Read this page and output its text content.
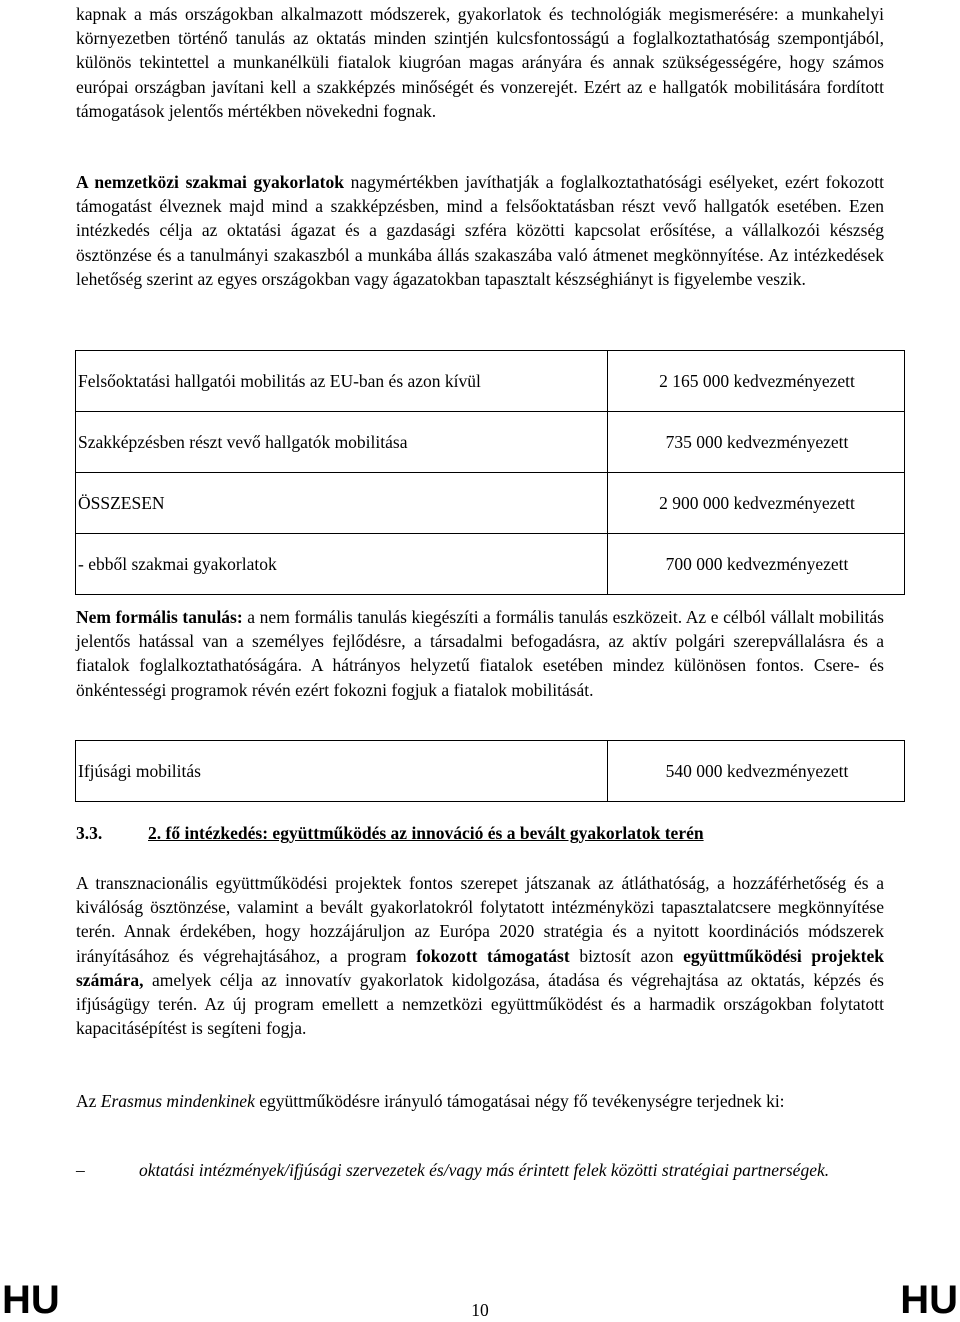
kapnak a más országokban alkalmazott módszerek, gyakorlatok és technológiák megismerésére: a munkahelyi környezetben történő tanulás az oktatás minden szintjén kulcsfontosságú a foglalkoztathatóság szempontjából, különös tekintettel a munkanélküli fiatalok kiugróan magas arányára és annak szükségességére, hogy számos európai országban javítani kell a szakképzés minőségét és vonzerejét. Ezért az e hallgatók mobilitására fordított támogatások jelentős mértékben növekedni fognak.
A nemzetközi szakmai gyakorlatok nagymértékben javíthatják a foglalkoztathatósági esélyeket, ezért fokozott támogatást élveznek majd mind a szakképzésben, mind a felsőoktatásban részt vevő hallgatók esetében. Ezen intézkedés célja az oktatási ágazat és a gazdasági szféra közötti kapcsolat erősítése, a vállalkozói készség ösztönzése és a tanulmányi szakaszból a munkába állás szakaszába való átmenet megkönnyítése. Az intézkedések lehetőség szerint az egyes országokban vagy ágazatokban tapasztalt készséghiányt is figyelembe veszik.
Felsőoktatási hallgatói mobilitás az EU-ban és azon kívül	2 165 000 kedvezményezett
Szakképzésben részt vevő hallgatók mobilitása	735 000 kedvezményezett
ÖSSZESEN	2 900 000 kedvezményezett
- ebből szakmai gyakorlatok	700 000 kedvezményezett
Nem formális tanulás: a nem formális tanulás kiegészíti a formális tanulás eszközeit. Az e célból vállalt mobilitás jelentős hatással van a személyes fejlődésre, a társadalmi befogadásra, az aktív polgári szerepvállalásra és a fiatalok foglalkoztathatóságára. A hátrányos helyzetű fiatalok esetében mindez különösen fontos. Csere- és önkéntességi programok révén ezért fokozni fogjuk a fiatalok mobilitását.
Ifjúsági mobilitás	540 000 kedvezményezett
3.3.	2. fő intézkedés: együttműködés az innováció és a bevált gyakorlatok terén
A transznacionális együttműködési projektek fontos szerepet játszanak az átláthatóság, a hozzáférhetőség és a kiválóság ösztönzése, valamint a bevált gyakorlatokról folytatott intézményközi tapasztalatcsere megkönnyítése terén. Annak érdekében, hogy hozzájáruljon az Európa 2020 stratégia és a nyitott koordinációs módszerek irányításához és végrehajtásához, a program fokozott támogatást biztosít azon együttműködési projektek számára, amelyek célja az innovatív gyakorlatok kidolgozása, átadása és végrehajtása az oktatás, képzés és ifjúságügy terén. Az új program emellett a nemzetközi együttműködést és a harmadik országokban folytatott kapacitásépítést is segíteni fogja.
Az Erasmus mindenkinek együttműködésre irányuló támogatásai négy fő tevékenységre terjednek ki:
–	oktatási intézmények/ifjúsági szervezetek és/vagy más érintett felek közötti stratégiai partnerségek.
HU	10	HU
